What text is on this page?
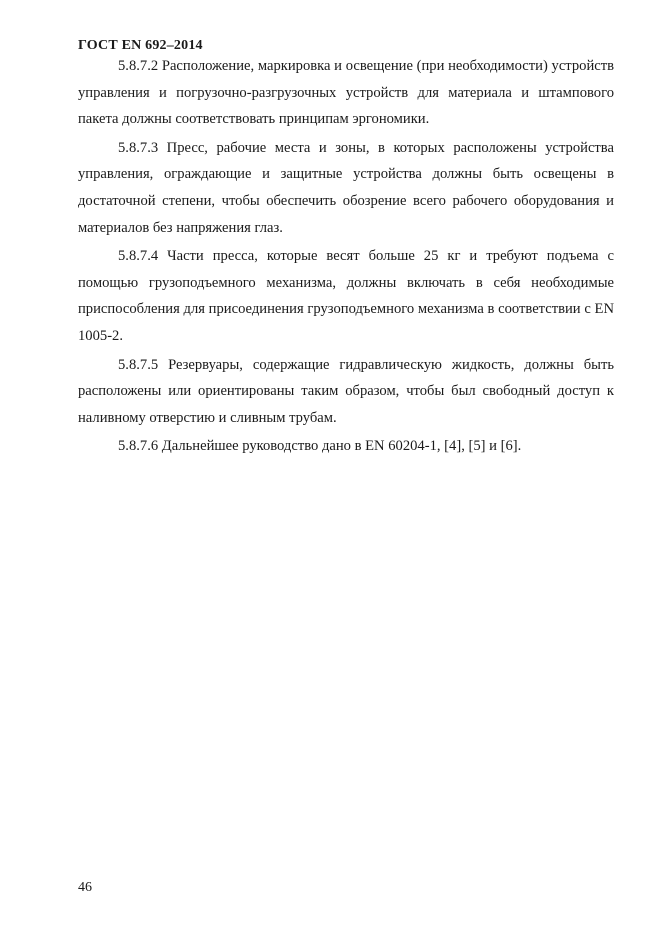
ГОСТ EN 692–2014

5.8.7.2 Расположение, маркировка и освещение (при необходимости) устройств управления и погрузочно-разгрузочных устройств для материала и штампового пакета должны соответствовать принципам эргономики.

5.8.7.3 Пресс, рабочие места и зоны, в которых расположены устройства управления, ограждающие и защитные устройства должны быть освещены в достаточной степени, чтобы обеспечить обозрение всего рабочего оборудования и материалов без напряжения глаз.

5.8.7.4 Части пресса, которые весят больше 25 кг и требуют подъема с помощью грузоподъемного механизма, должны включать в себя необходимые приспособления для присоединения грузоподъемного механизма в соответствии с EN 1005-2.

5.8.7.5 Резервуары, содержащие гидравлическую жидкость, должны быть расположены или ориентированы таким образом, чтобы был свободный доступ к наливному отверстию и сливным трубам.

5.8.7.6 Дальнейшее руководство дано в EN 60204-1, [4], [5] и [6].

46
